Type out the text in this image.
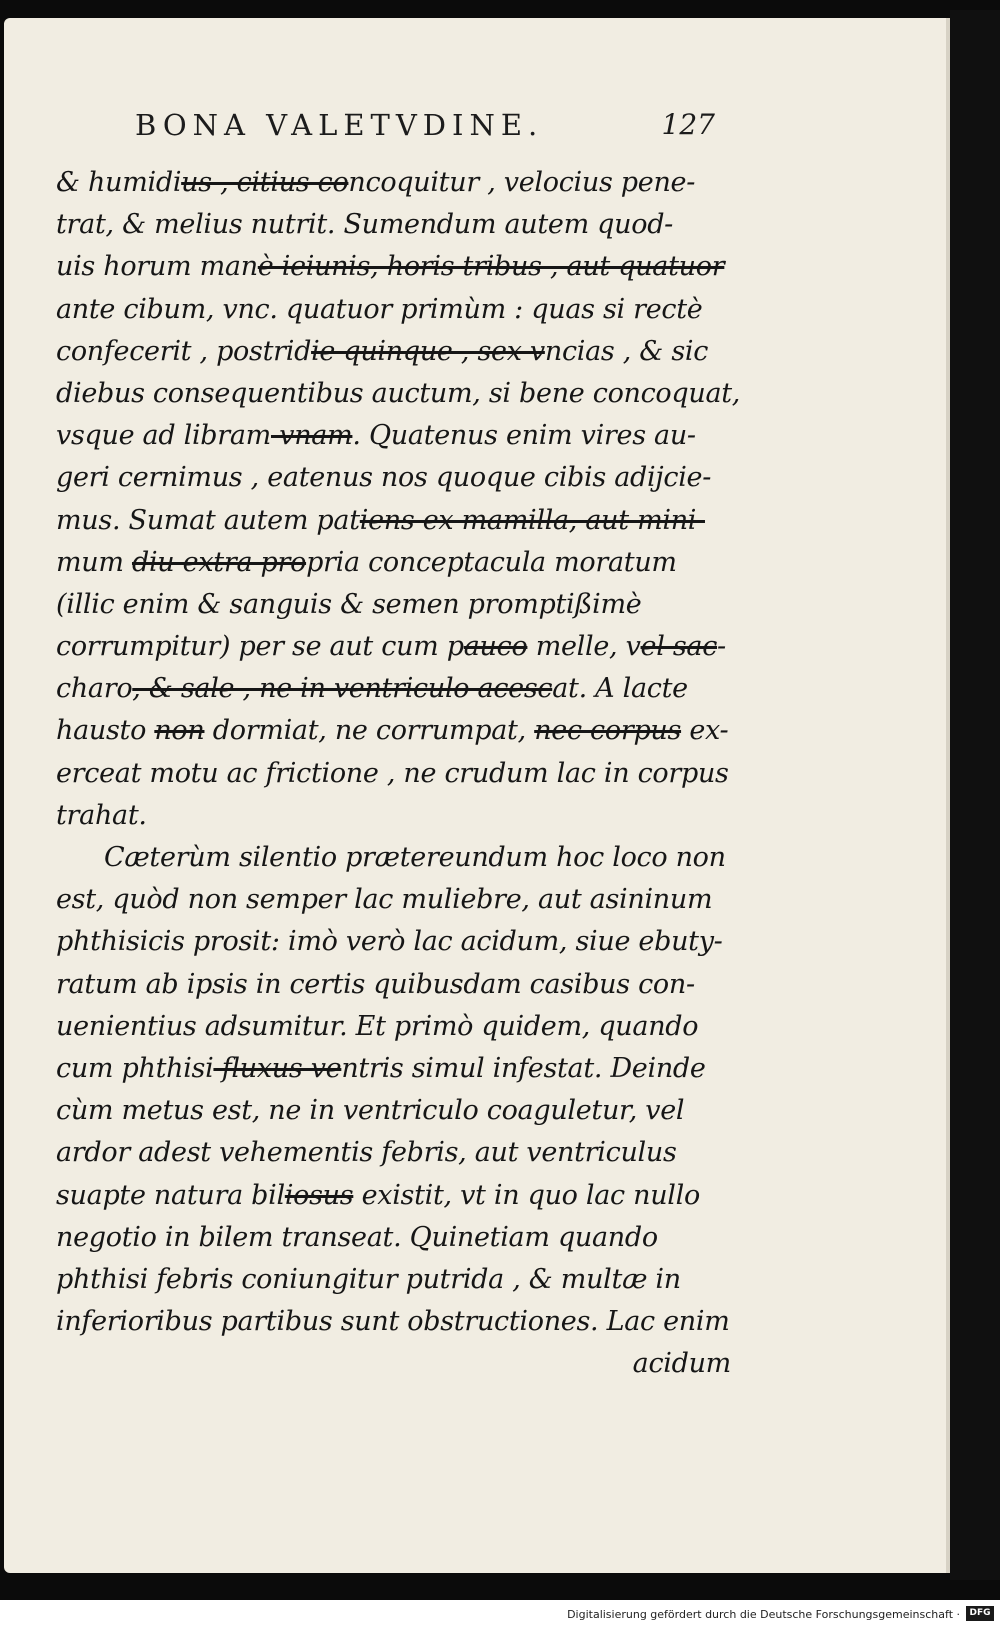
BONA VALETVDINE.	127
& humidius , citius concoquitur , velocius pene-
trat, & melius nutrit. Sumendum autem quod-
uis horum manè ieiunis, horis tribus , aut quatuor
ante cibum, vnc. quatuor primùm : quas si rectè
confecerit , postridie quinque , sex vncias , & sic
diebus consequentibus auctum, si bene concoquat,
vsque ad libram vnam. Quatenus enim vires au-
geri cernimus , eatenus nos quoque cibis adijcie-
mus. Sumat autem patiens ex mamilla, aut mini-
mum diu extra propria conceptacula moratum
(illic enim & sanguis & semen promptißimè
corrumpitur) per se aut cum pauco melle, vel sac-
charo, & sale , ne in ventriculo acescat. A lacte
hausto non dormiat, ne corrumpat, nec corpus ex-
erceat motu ac frictione , ne crudum lac in corpus
trahat.
Cæterùm silentio prætereundum hoc loco non
est, quòd non semper lac muliebre, aut asininum
phthisicis prosit: imò verò lac acidum, siue ebuty-
ratum ab ipsis in certis quibusdam casibus con-
uenientius adsumitur. Et primò quidem, quando
cum phthisi fluxus ventris simul infestat. Deinde
cùm metus est, ne in ventriculo coaguletur, vel
ardor adest vehementis febris, aut ventriculus
suapte natura biliosus existit, vt in quo lac nullo
negotio in bilem transeat. Quinetiam quando
phthisi febris coniungitur putrida , & multæ in
inferioribus partibus sunt obstructiones. Lac enim
acidum
Digitalisierung gefördert durch die Deutsche Forschungsgemeinschaft ·	DFG
